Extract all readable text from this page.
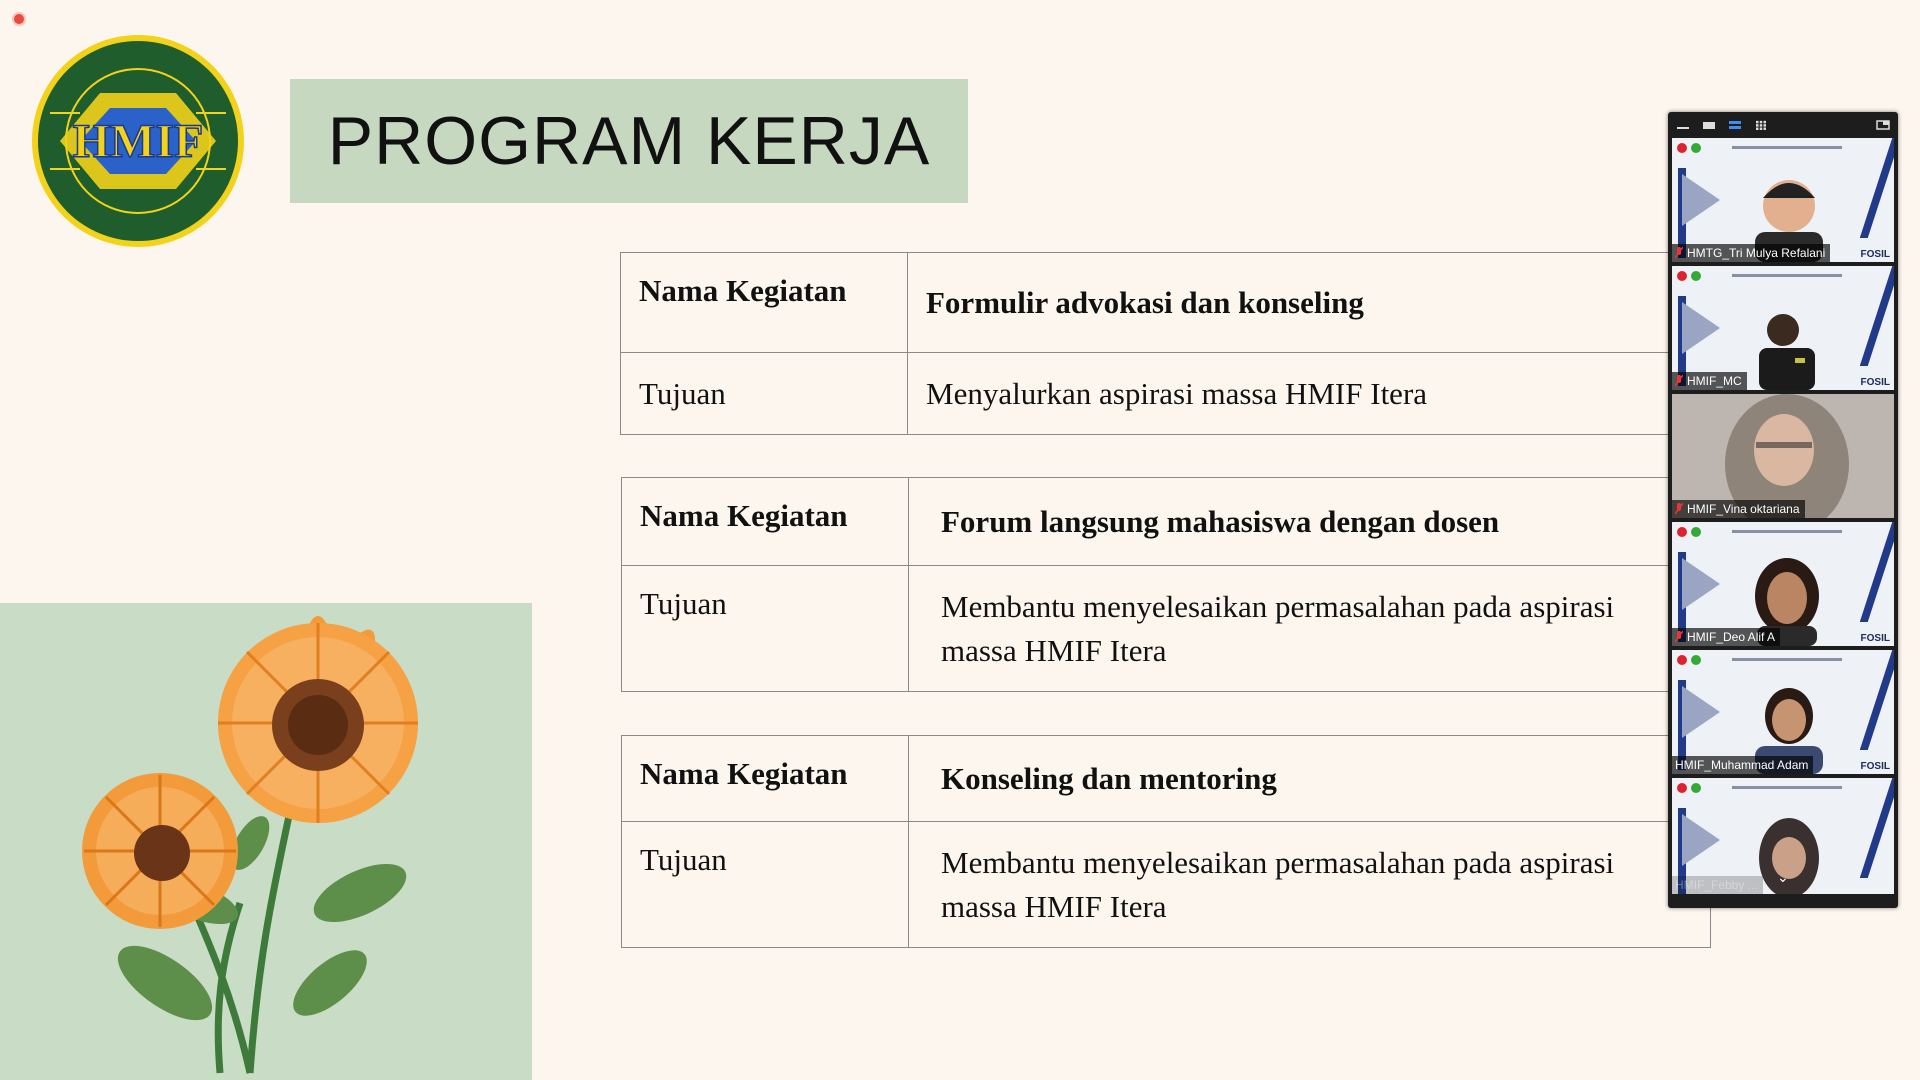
HMIF PROGRAM KERJA
Nama Kegiatan	Formulir advokasi dan konseling
Tujuan	Menyalurkan aspirasi massa HMIF Itera
Nama Kegiatan	Forum langsung mahasiswa dengan dosen
Tujuan	Membantu menyelesaikan permasalahan pada aspirasi massa HMIF Itera
Nama Kegiatan	Konseling dan mentoring
Tujuan	Membantu menyelesaikan permasalahan pada aspirasi massa HMIF Itera
HMTG_Tri Mulya Refalani	FOSIL
HMIF_MC	FOSIL
HMIF_Vina oktariana
HMIF_Deo Alif A	FOSIL
HMIF_Muhammad Adam	FOSIL
HMIF_Febby ... ⌄
